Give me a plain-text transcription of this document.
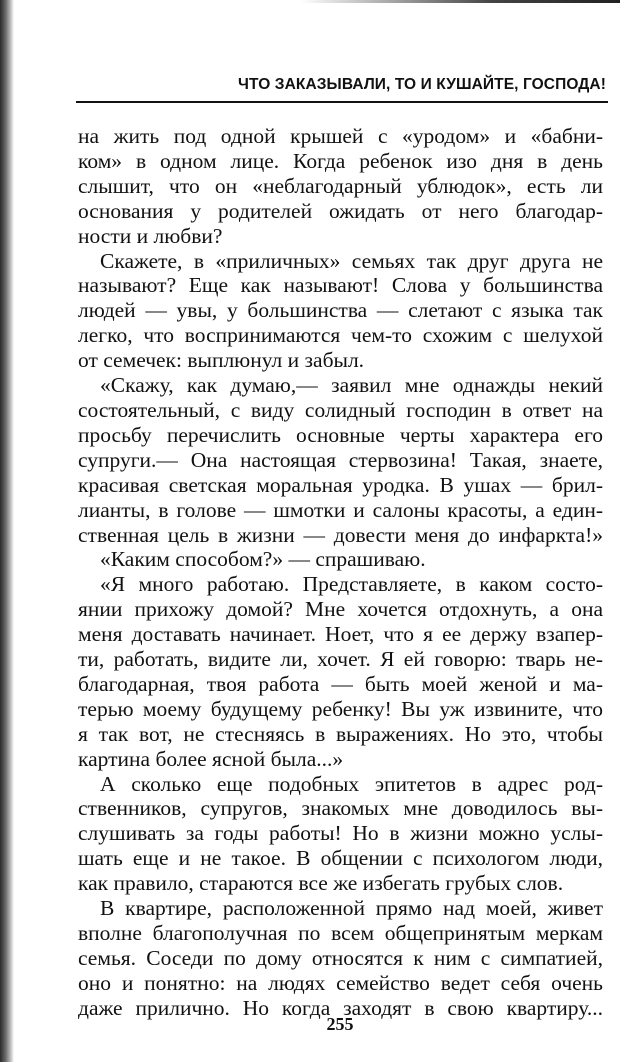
ЧТО ЗАКАЗЫВАЛИ, ТО И КУШАЙТЕ, ГОСПОДА!
на жить под одной крышей с «уродом» и «бабни-
ком» в одном лице. Когда ребенок изо дня в день
слышит, что он «неблагодарный ублюдок», есть ли
основания у родителей ожидать от него благодар-
ности и любви?
Скажете, в «приличных» семьях так друг друга не
называют? Еще как называют! Слова у большинства
людей — увы, у большинства — слетают с языка так
легко, что воспринимаются чем-то схожим с шелухой
от семечек: выплюнул и забыл.
«Скажу, как думаю,— заявил мне однажды некий
состоятельный, с виду солидный господин в ответ на
просьбу перечислить основные черты характера его
супруги.— Она настоящая стервозина! Такая, знаете,
красивая светская моральная уродка. В ушах — брил-
лианты, в голове — шмотки и салоны красоты, а един-
ственная цель в жизни — довести меня до инфаркта!»
«Каким способом?» — спрашиваю.
«Я много работаю. Представляете, в каком состо-
янии прихожу домой? Мне хочется отдохнуть, а она
меня доставать начинает. Ноет, что я ее держу взапер-
ти, работать, видите ли, хочет. Я ей говорю: тварь не-
благодарная, твоя работа — быть моей женой и ма-
терью моему будущему ребенку! Вы уж извините, что
я так вот, не стесняясь в выражениях. Но это, чтобы
картина более ясной была...»
А сколько еще подобных эпитетов в адрес род-
ственников, супругов, знакомых мне доводилось вы-
слушивать за годы работы! Но в жизни можно услы-
шать еще и не такое. В общении с психологом люди,
как правило, стараются все же избегать грубых слов.
В квартире, расположенной прямо над моей, живет
вполне благополучная по всем общепринятым меркам
семья. Соседи по дому относятся к ним с симпатией,
оно и понятно: на людях семейство ведет себя очень
даже прилично. Но когда заходят в свою квартиру...
255
